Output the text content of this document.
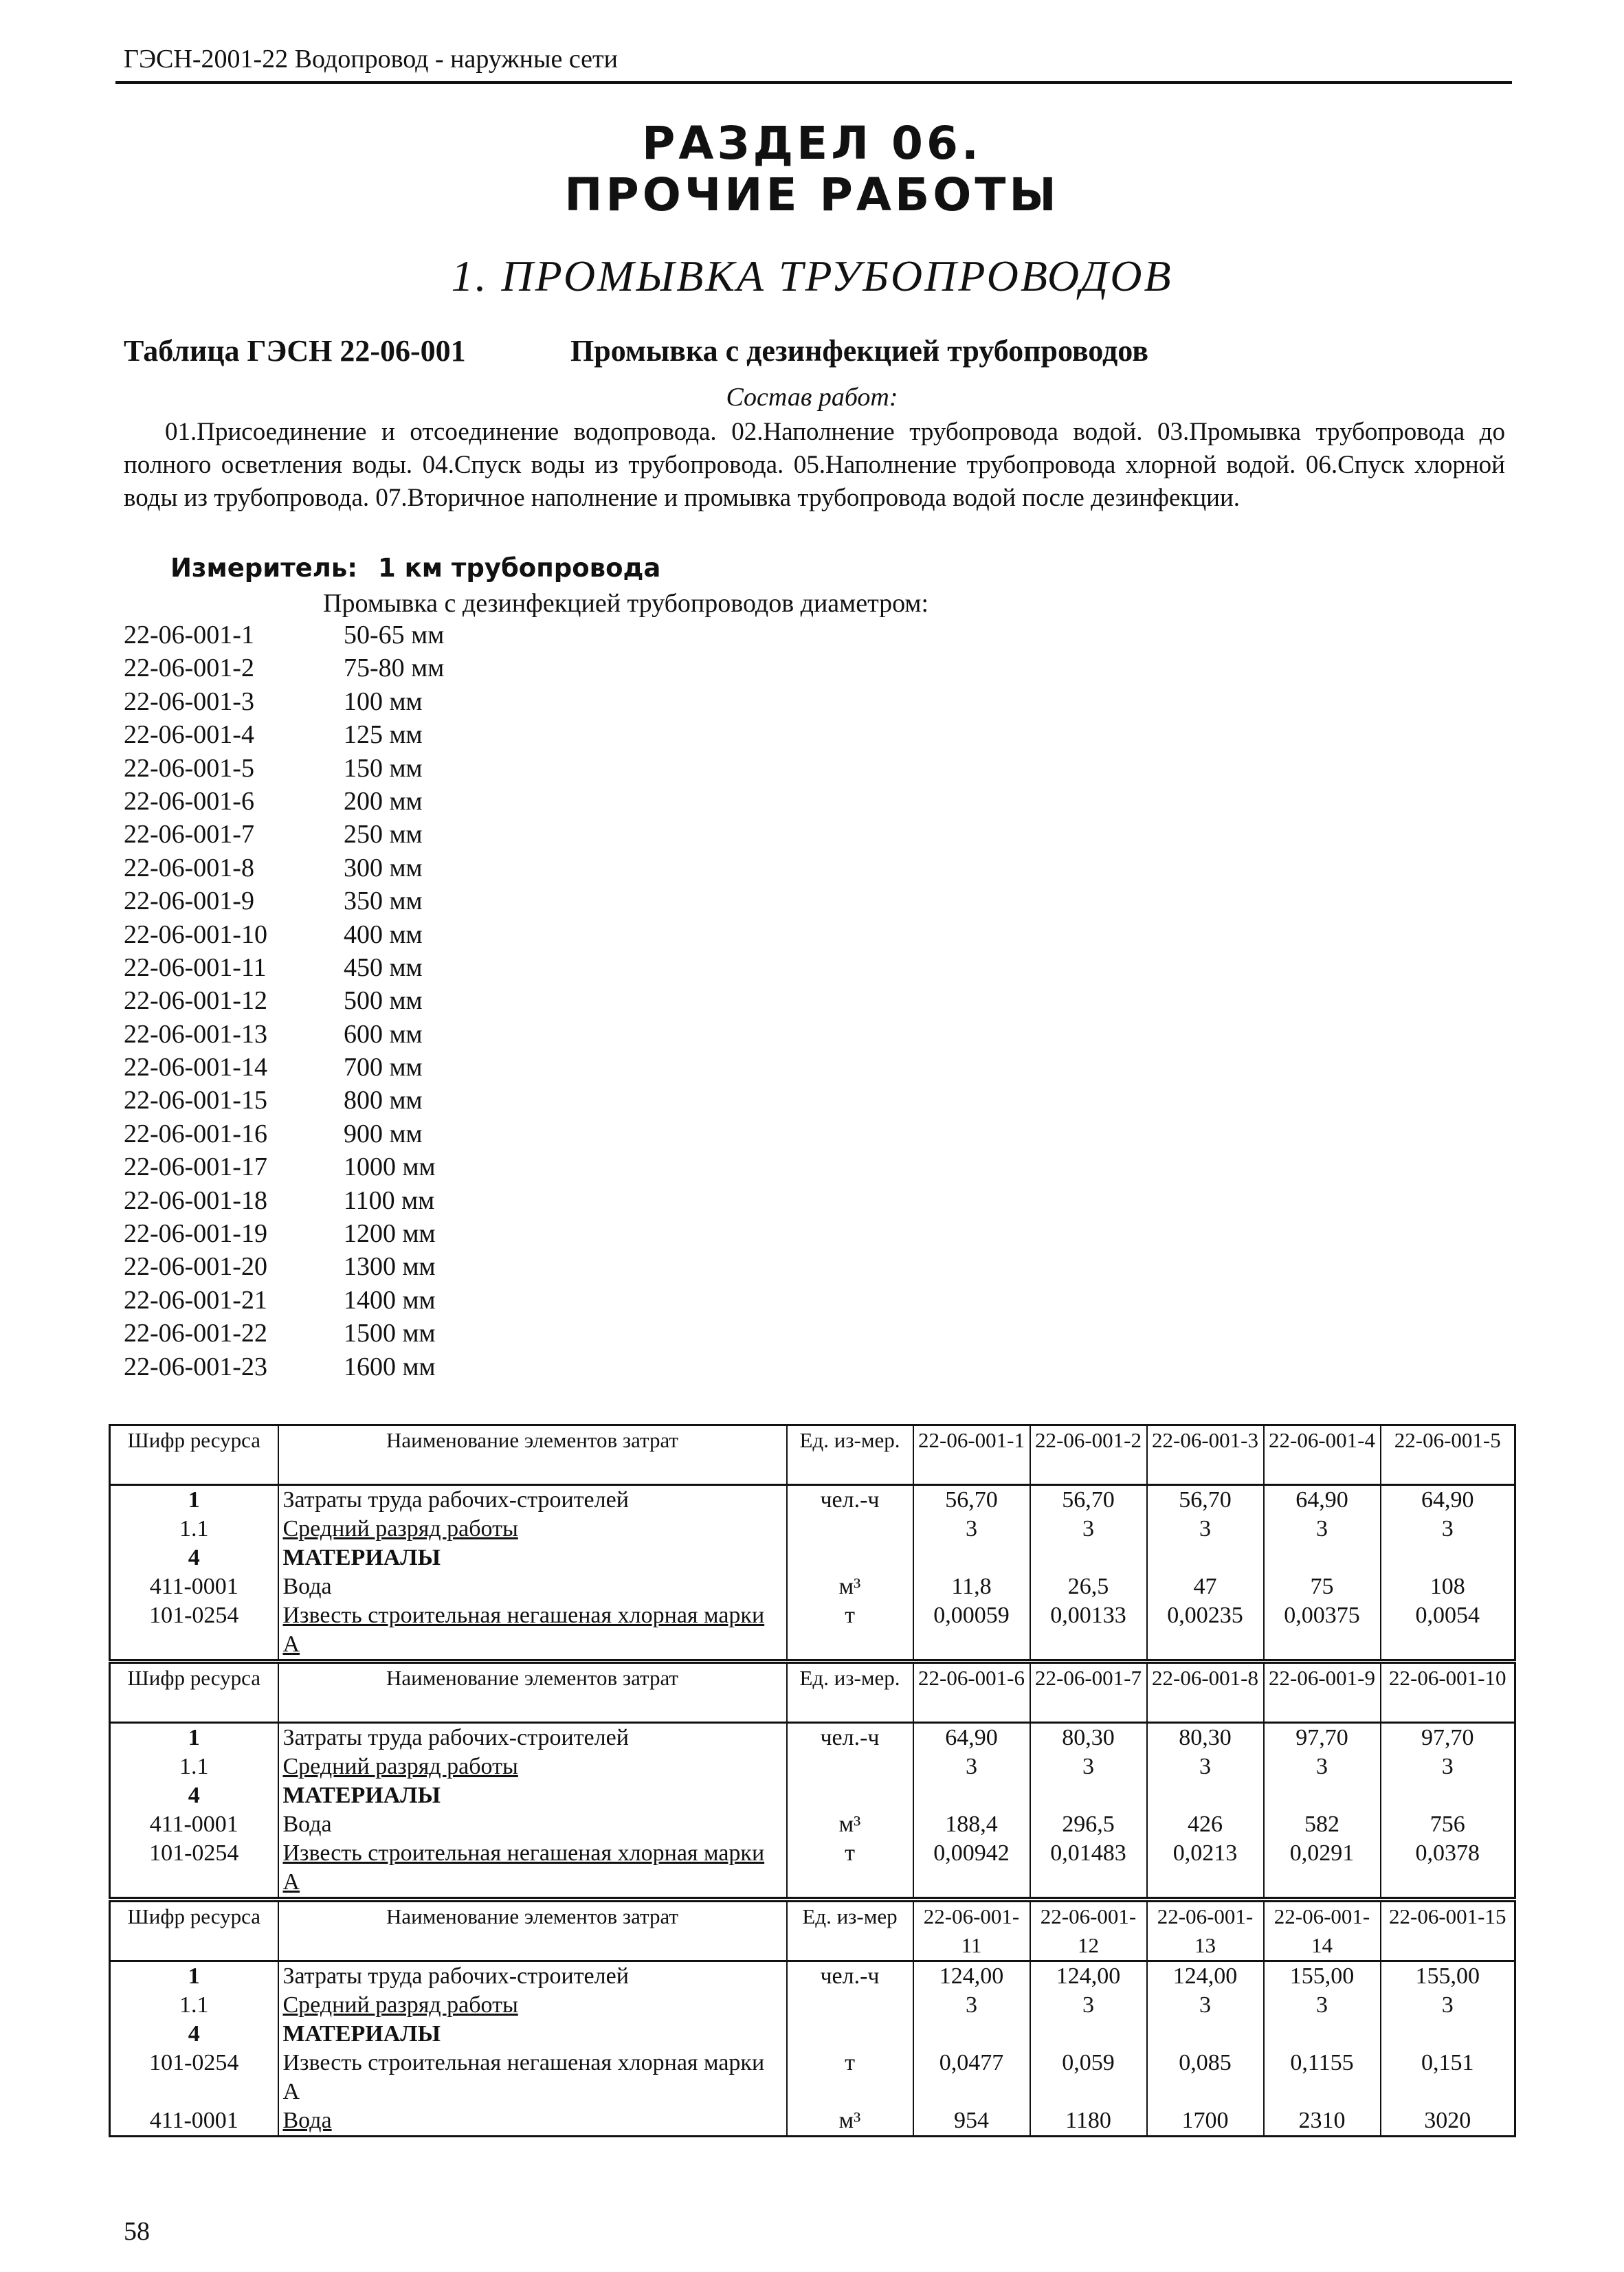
ГЭСН-2001-22 Водопровод - наружные сети
РАЗДЕЛ 06.
ПРОЧИЕ РАБОТЫ
1. ПРОМЫВКА ТРУБОПРОВОДОВ
Таблица ГЭСН 22-06-001	Промывка с дезинфекцией трубопроводов
Состав работ:
01.Присоединение и отсоединение водопровода. 02.Наполнение трубопровода водой. 03.Промывка трубопровода до полного осветления воды. 04.Спуск воды из трубопровода. 05.Наполнение трубопровода хлорной водой. 06.Спуск хлорной воды из трубопровода. 07.Вторичное наполнение и промывка трубопровода водой после дезинфекции.
Измеритель: 1 км трубопровода
Промывка с дезинфекцией трубопроводов диаметром:
22-06-001-1	50-65 мм
22-06-001-2	75-80 мм
22-06-001-3	100 мм
22-06-001-4	125 мм
22-06-001-5	150 мм
22-06-001-6	200 мм
22-06-001-7	250 мм
22-06-001-8	300 мм
22-06-001-9	350 мм
22-06-001-10	400 мм
22-06-001-11	450 мм
22-06-001-12	500 мм
22-06-001-13	600 мм
22-06-001-14	700 мм
22-06-001-15	800 мм
22-06-001-16	900 мм
22-06-001-17	1000 мм
22-06-001-18	1100 мм
22-06-001-19	1200 мм
22-06-001-20	1300 мм
22-06-001-21	1400 мм
22-06-001-22	1500 мм
22-06-001-23	1600 мм
Шифр ресурса	Наименование элементов затрат	Ед. из-мер.	22-06-001-1	22-06-001-2	22-06-001-3	22-06-001-4	22-06-001-5
1	Затраты труда рабочих-строителей	чел.-ч	56,70	56,70	56,70	64,90	64,90
1.1	Средний разряд работы		3	3	3	3	3
4	МАТЕРИАЛЫ						
411-0001	Вода	м³	11,8	26,5	47	75	108
101-0254	Известь строительная негашеная хлорная марки А	т	0,00059	0,00133	0,00235	0,00375	0,0054
Шифр ресурса	Наименование элементов затрат	Ед. из-мер.	22-06-001-6	22-06-001-7	22-06-001-8	22-06-001-9	22-06-001-10
1	Затраты труда рабочих-строителей	чел.-ч	64,90	80,30	80,30	97,70	97,70
1.1	Средний разряд работы		3	3	3	3	3
4	МАТЕРИАЛЫ						
411-0001	Вода	м³	188,4	296,5	426	582	756
101-0254	Известь строительная негашеная хлорная марки А	т	0,00942	0,01483	0,0213	0,0291	0,0378
Шифр ресурса	Наименование элементов затрат	Ед. из-мер	22-06-001-11	22-06-001-12	22-06-001-13	22-06-001-14	22-06-001-15
1	Затраты труда рабочих-строителей	чел.-ч	124,00	124,00	124,00	155,00	155,00
1.1	Средний разряд работы		3	3	3	3	3
4	МАТЕРИАЛЫ						
101-0254	Известь строительная негашеная хлорная марки А	т	0,0477	0,059	0,085	0,1155	0,151
411-0001	Вода	м³	954	1180	1700	2310	3020
58
